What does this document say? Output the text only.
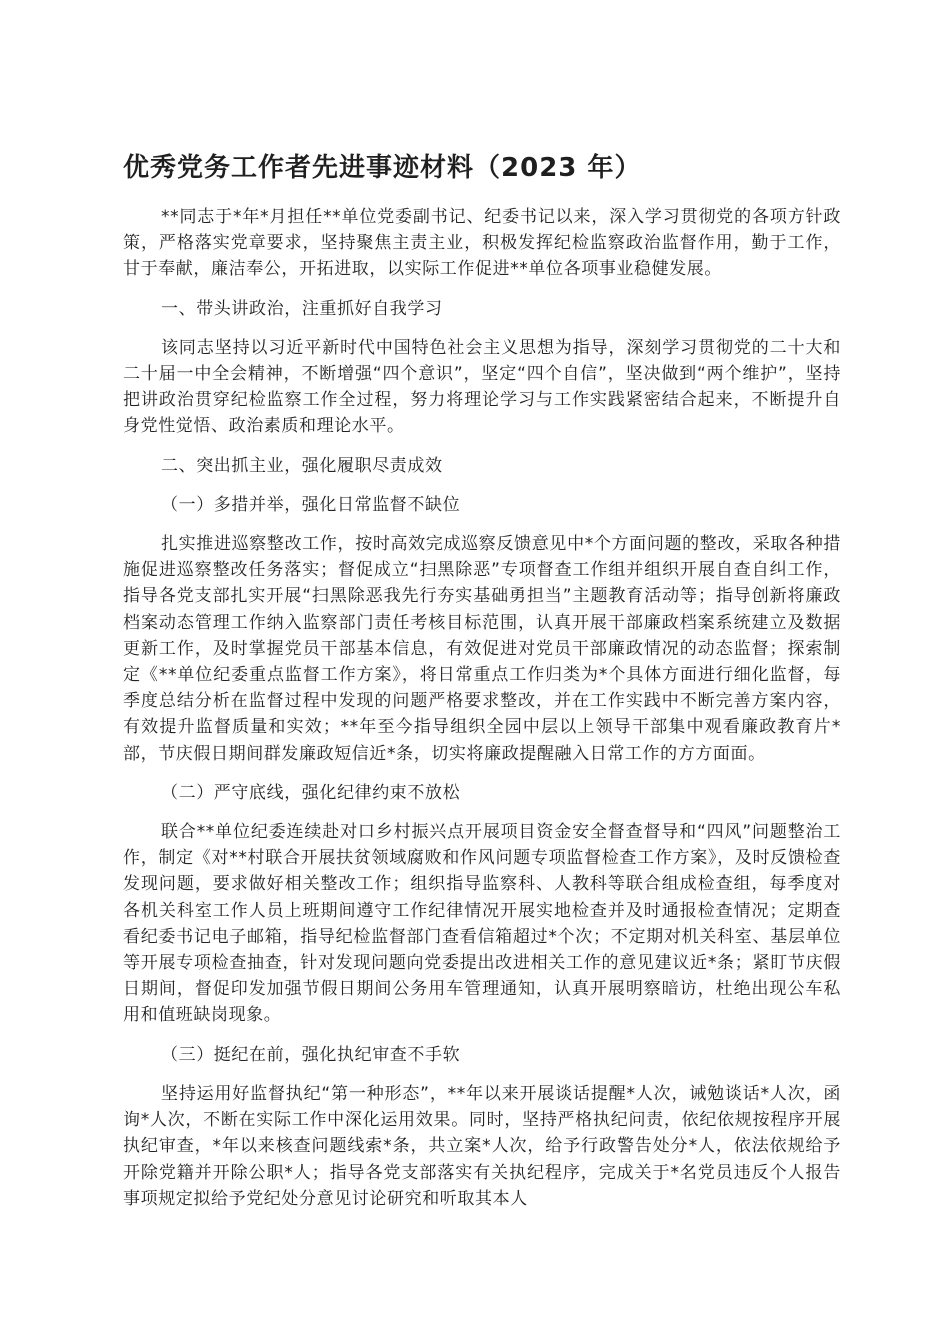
优秀党务工作者先进事迹材料（2023 年）

**同志于*年*月担任**单位党委副书记、纪委书记以来，深入学习贯彻党的各项方针政策，严格落实党章要求，坚持聚焦主责主业，积极发挥纪检监察政治监督作用，勤于工作，甘于奉献，廉洁奉公，开拓进取，以实际工作促进**单位各项事业稳健发展。

一、带头讲政治，注重抓好自我学习

该同志坚持以习近平新时代中国特色社会主义思想为指导，深刻学习贯彻党的二十大和二十届一中全会精神，不断增强“四个意识”，坚定“四个自信”，坚决做到“两个维护”，坚持把讲政治贯穿纪检监察工作全过程，努力将理论学习与工作实践紧密结合起来，不断提升自身党性觉悟、政治素质和理论水平。

二、突出抓主业，强化履职尽责成效

（一）多措并举，强化日常监督不缺位

扎实推进巡察整改工作，按时高效完成巡察反馈意见中*个方面问题的整改，采取各种措施促进巡察整改任务落实；督促成立“扫黑除恶”专项督查工作组并组织开展自查自纠工作，指导各党支部扎实开展“扫黑除恶我先行夯实基础勇担当”主题教育活动等；指导创新将廉政档案动态管理工作纳入监察部门责任考核目标范围，认真开展干部廉政档案系统建立及数据更新工作，及时掌握党员干部基本信息，有效促进对党员干部廉政情况的动态监督；探索制定《**单位纪委重点监督工作方案》，将日常重点工作归类为*个具体方面进行细化监督，每季度总结分析在监督过程中发现的问题严格要求整改，并在工作实践中不断完善方案内容，有效提升监督质量和实效；**年至今指导组织全园中层以上领导干部集中观看廉政教育片*部，节庆假日期间群发廉政短信近*条，切实将廉政提醒融入日常工作的方方面面。

（二）严守底线，强化纪律约束不放松

联合**单位纪委连续赴对口乡村振兴点开展项目资金安全督查督导和“四风”问题整治工作，制定《对**村联合开展扶贫领域腐败和作风问题专项监督检查工作方案》，及时反馈检查发现问题，要求做好相关整改工作；组织指导监察科、人教科等联合组成检查组，每季度对各机关科室工作人员上班期间遵守工作纪律情况开展实地检查并及时通报检查情况；定期查看纪委书记电子邮箱，指导纪检监督部门查看信箱超过*个次；不定期对机关科室、基层单位等开展专项检查抽查，针对发现问题向党委提出改进相关工作的意见建议近*条；紧盯节庆假日期间，督促印发加强节假日期间公务用车管理通知，认真开展明察暗访，杜绝出现公车私用和值班缺岗现象。

（三）挺纪在前，强化执纪审查不手软

坚持运用好监督执纪“第一种形态”，**年以来开展谈话提醒*人次，诫勉谈话*人次，函询*人次，不断在实际工作中深化运用效果。同时，坚持严格执纪问责，依纪依规按程序开展执纪审查，*年以来核查问题线索*条，共立案*人次，给予行政警告处分*人，依法依规给予开除党籍并开除公职*人；指导各党支部落实有关执纪程序，完成关于*名党员违反个人报告事项规定拟给予党纪处分意见讨论研究和听取其本人
